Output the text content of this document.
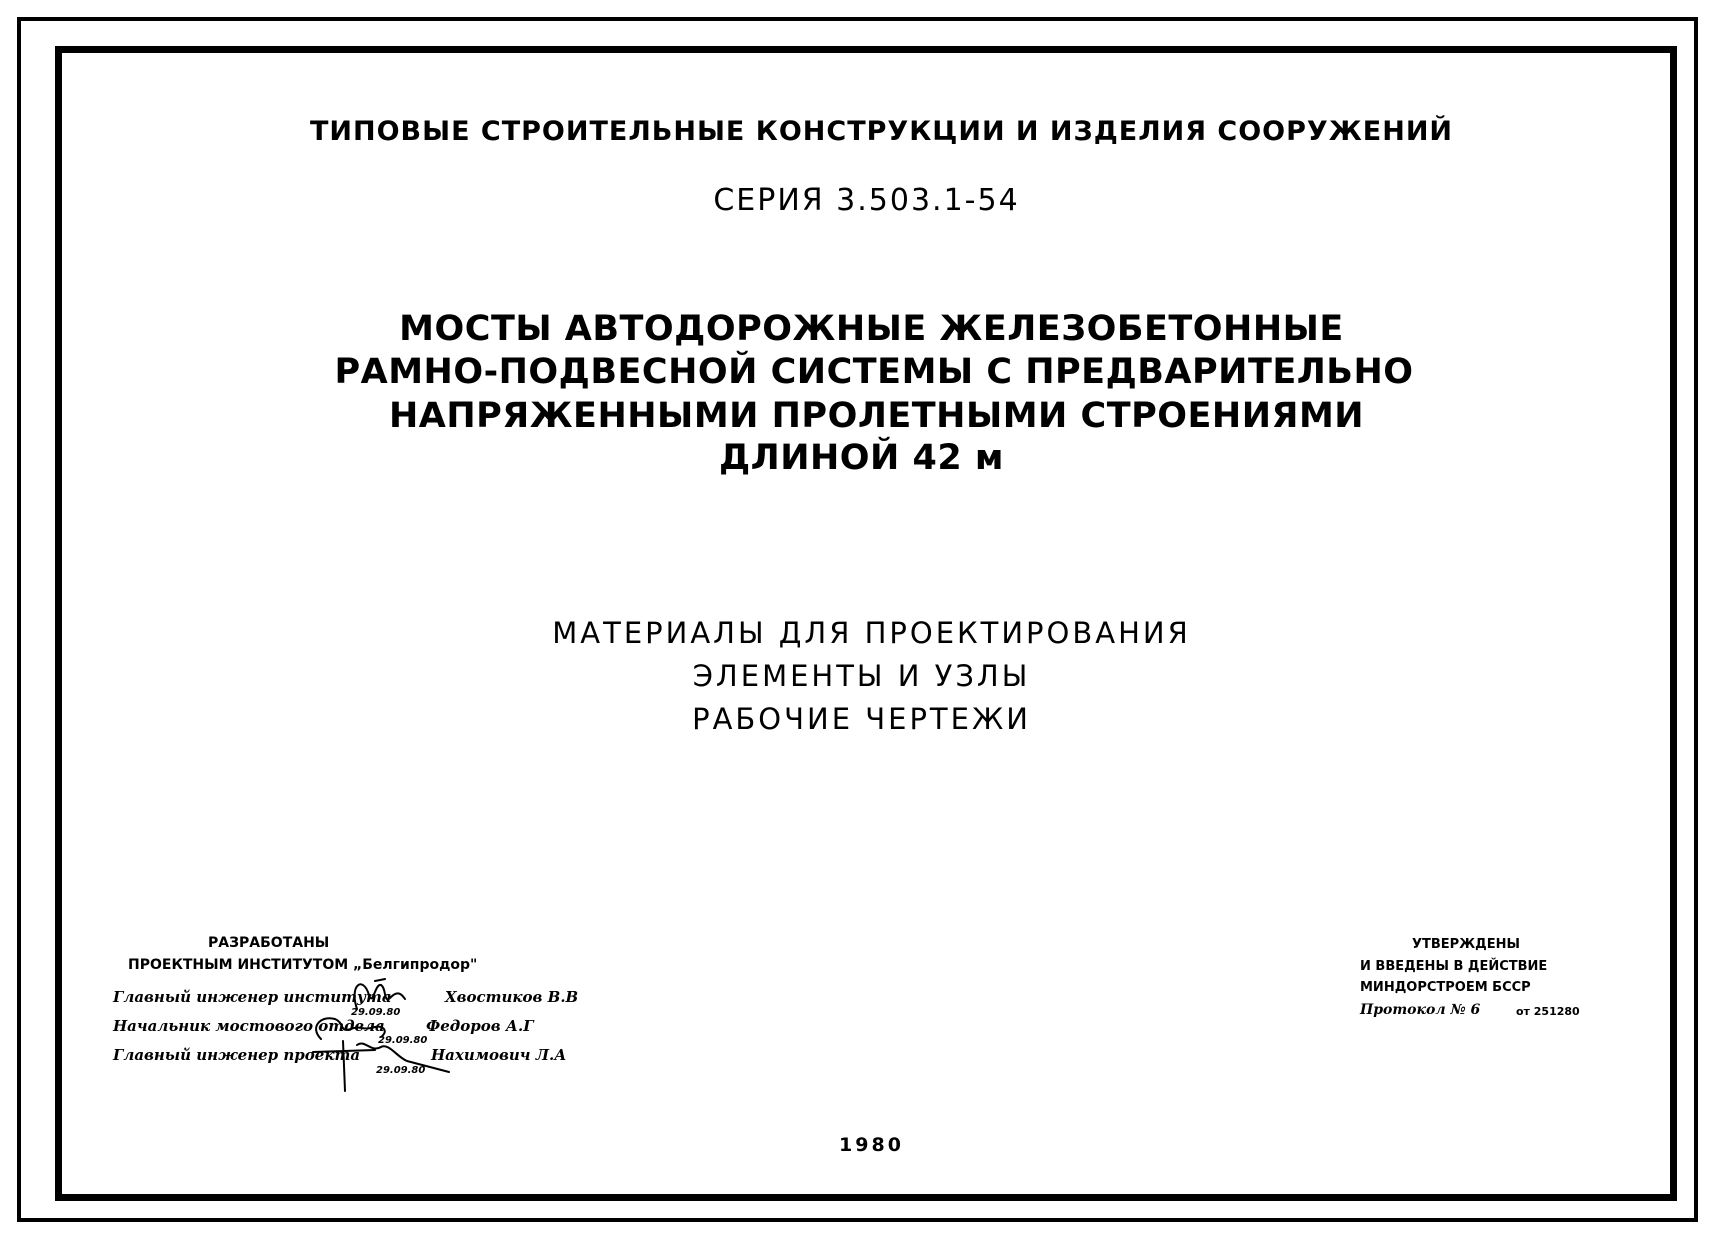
ТИПОВЫЕ СТРОИТЕЛЬНЫЕ КОНСТРУКЦИИ И ИЗДЕЛИЯ СООРУЖЕНИЙ
СЕРИЯ 3.503.1-54
МОСТЫ АВТОДОРОЖНЫЕ ЖЕЛЕЗОБЕТОННЫЕ
РАМНО-ПОДВЕСНОЙ СИСТЕМЫ С ПРЕДВАРИТЕЛЬНО
НАПРЯЖЕННЫМИ ПРОЛЕТНЫМИ СТРОЕНИЯМИ
ДЛИНОЙ 42 м
МАТЕРИАЛЫ ДЛЯ ПРОЕКТИРОВАНИЯ
ЭЛЕМЕНТЫ И УЗЛЫ
РАБОЧИЕ ЧЕРТЕЖИ
РАЗРАБОТАНЫ
ПРОЕКТНЫМ ИНСТИТУТОМ „Белгипродор"
Главный инженер института	Хвостиков В.В
29.09.80
Начальник мостового отдела	Федоров А.Г
29.09.80
Главный инженер проекта	Нахимович Л.А
29.09.80
УТВЕРЖДЕНЫ
И ВВЕДЕНЫ В ДЕЙСТВИЕ
МИНДОРСТРОЕМ БССР
Протокол № 6	от 251280
1980
